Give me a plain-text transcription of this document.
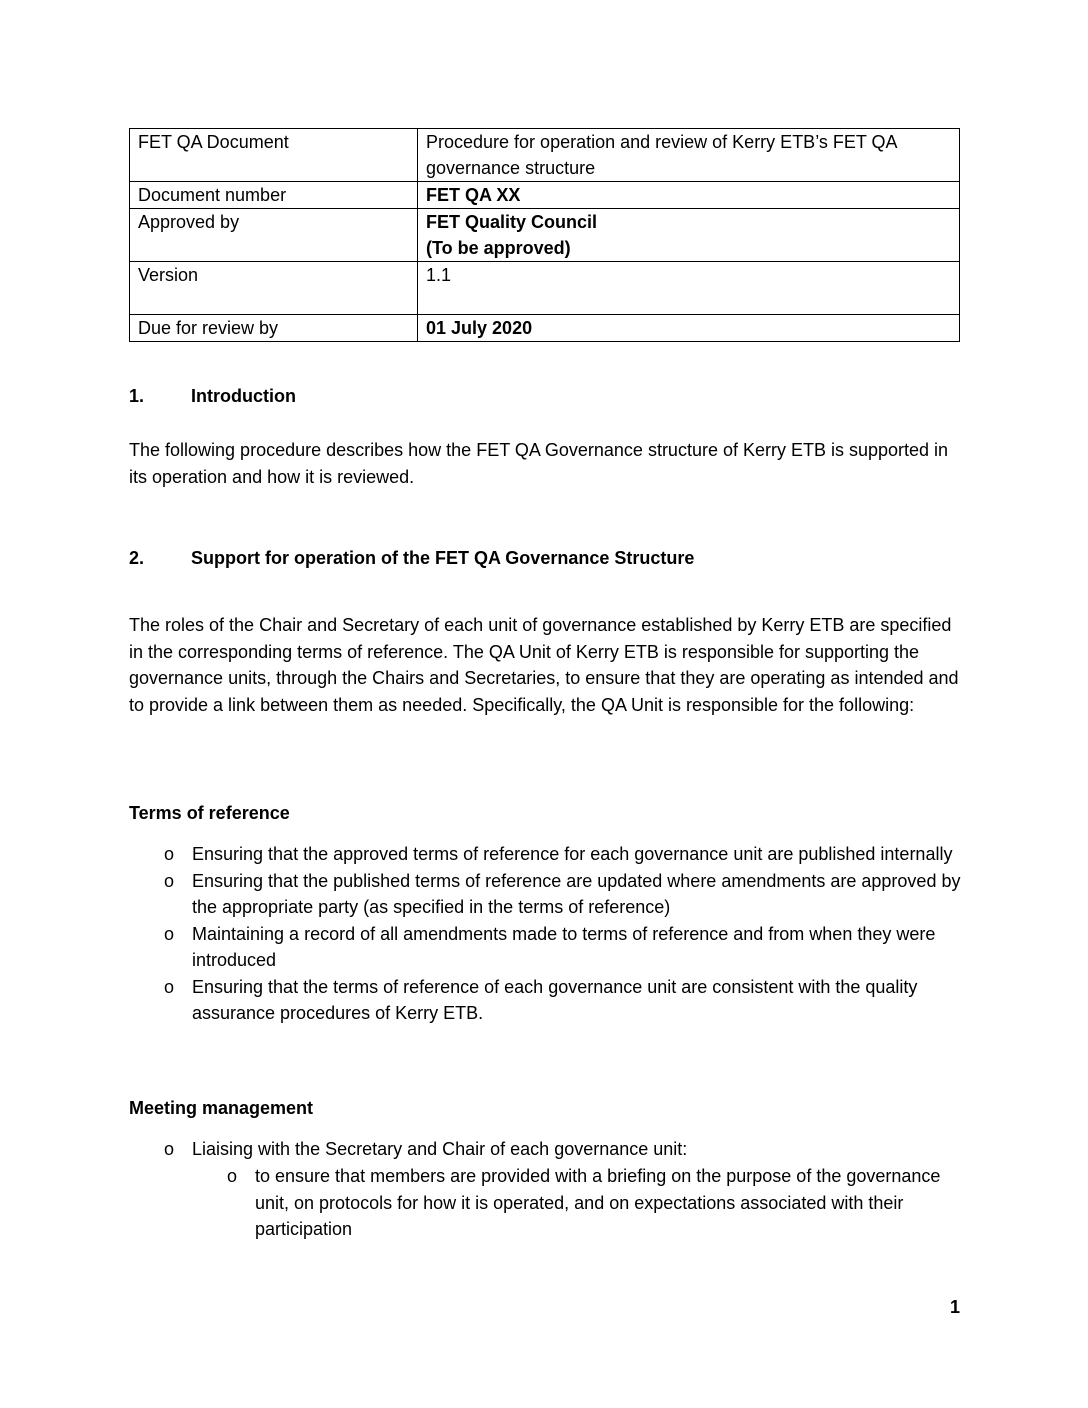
FET QA Document	Procedure for operation and review of Kerry ETB’s FET QA
governance structure

Document number	FET QA XX

Approved by	FET Quality Council
(To be approved)

Version	1.1

Due for review by	01 July 2020
1.	Introduction

The following procedure describes how the FET QA Governance structure of Kerry ETB is supported in its operation and how it is reviewed.

2.	Support for operation of the FET QA Governance Structure

The roles of the Chair and Secretary of each unit of governance established by Kerry ETB are specified in the corresponding terms of reference. The QA Unit of Kerry ETB is responsible for supporting the governance units, through the Chairs and Secretaries, to ensure that they are operating as intended and to provide a link between them as needed. Specifically, the QA Unit is responsible for the following:

Terms of reference
o Ensuring that the approved terms of reference for each governance unit are published internally
o Ensuring that the published terms of reference are updated where amendments are approved by the appropriate party (as specified in the terms of reference)
o Maintaining a record of all amendments made to terms of reference and from when they were introduced
o Ensuring that the terms of reference of each governance unit are consistent with the quality assurance procedures of Kerry ETB.
Meeting management
o Liaising with the Secretary and Chair of each governance unit:
o to ensure that members are provided with a briefing on the purpose of the governance unit, on protocols for how it is operated, and on expectations associated with their participation
1
